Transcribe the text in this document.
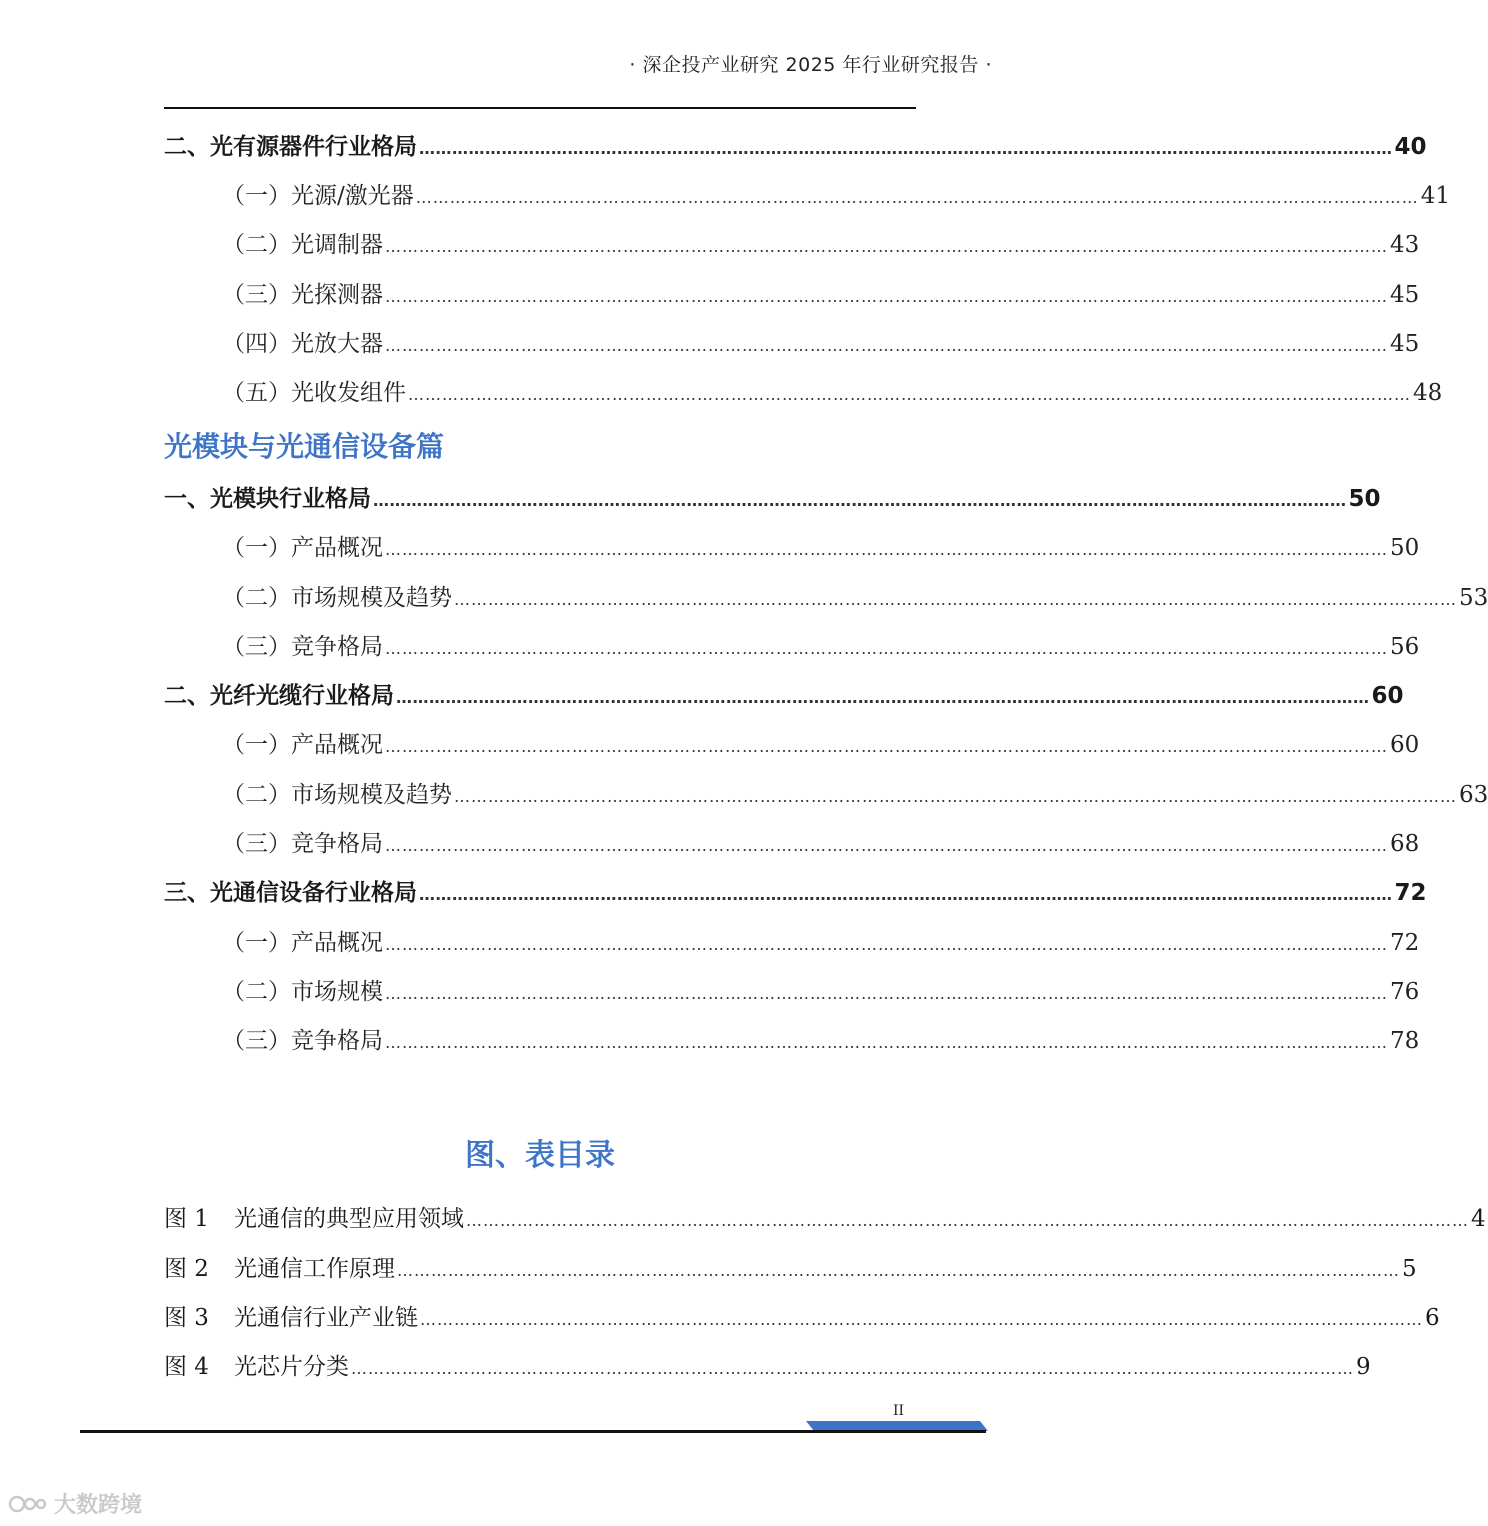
· 深企投产业研究 2025 年行业研究报告 ·
二、光有源器件行业格局 …………………………………………………………………………………………………………………………………………………………… 40
（一）光源/激光器 …………………………………………………………………………………………………………………………………………………………… 41
（二）光调制器 …………………………………………………………………………………………………………………………………………………………… 43
（三）光探测器 …………………………………………………………………………………………………………………………………………………………… 45
（四）光放大器 …………………………………………………………………………………………………………………………………………………………… 45
（五）光收发组件 …………………………………………………………………………………………………………………………………………………………… 48
光模块与光通信设备篇
一、光模块行业格局 …………………………………………………………………………………………………………………………………………………………… 50
（一）产品概况 …………………………………………………………………………………………………………………………………………………………… 50
（二）市场规模及趋势 …………………………………………………………………………………………………………………………………………………………… 53
（三）竞争格局 …………………………………………………………………………………………………………………………………………………………… 56
二、光纤光缆行业格局 …………………………………………………………………………………………………………………………………………………………… 60
（一）产品概况 …………………………………………………………………………………………………………………………………………………………… 60
（二）市场规模及趋势 …………………………………………………………………………………………………………………………………………………………… 63
（三）竞争格局 …………………………………………………………………………………………………………………………………………………………… 68
三、光通信设备行业格局 …………………………………………………………………………………………………………………………………………………………… 72
（一）产品概况 …………………………………………………………………………………………………………………………………………………………… 72
（二）市场规模 …………………………………………………………………………………………………………………………………………………………… 76
（三）竞争格局 …………………………………………………………………………………………………………………………………………………………… 78
图、表目录
图 1 光通信的典型应用领域 …………………………………………………………………………………………………………………………………………………………… 4
图 2 光通信工作原理 …………………………………………………………………………………………………………………………………………………………… 5
图 3 光通信行业产业链 …………………………………………………………………………………………………………………………………………………………… 6
图 4 光芯片分类 …………………………………………………………………………………………………………………………………………………………… 9
II
大数跨境
